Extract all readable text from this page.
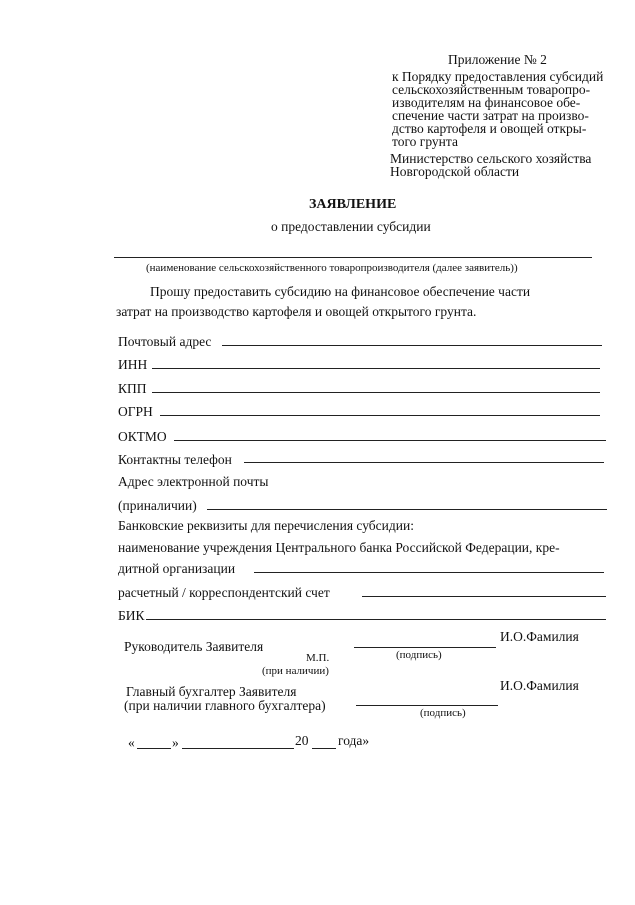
Приложение № 2
к Порядку предоставления субсидий
сельскохозяйственным товаропро-
изводителям на финансовое обе-
спечение части затрат на произво-
дство картофеля и овощей откры-
того грунта
Министерство сельского хозяйства
Новгородской области
ЗАЯВЛЕНИЕ
о предоставлении субсидии
(наименование сельскохозяйственного товаропроизводителя (далее заявитель))
Прошу предоставить субсидию на финансовое обеспечение части
затрат на производство картофеля и овощей открытого грунта.
Почтовый адрес
ИНН
КПП
ОГРН
ОКТМО
Контактны телефон
Адрес электронной почты
(приналичии)
Банковские реквизиты для перечисления субсидии:
наименование учреждения Центрального банка Российской Федерации, кре-
дитной организации
расчетный / корреспондентский счет
БИК
Руководитель Заявителя
И.О.Фамилия
(подпись)
М.П.
(при наличии)
Главный бухгалтер Заявителя
(при наличии главного бухгалтера)
И.О.Фамилия
(подпись)
«	»	20 года»
